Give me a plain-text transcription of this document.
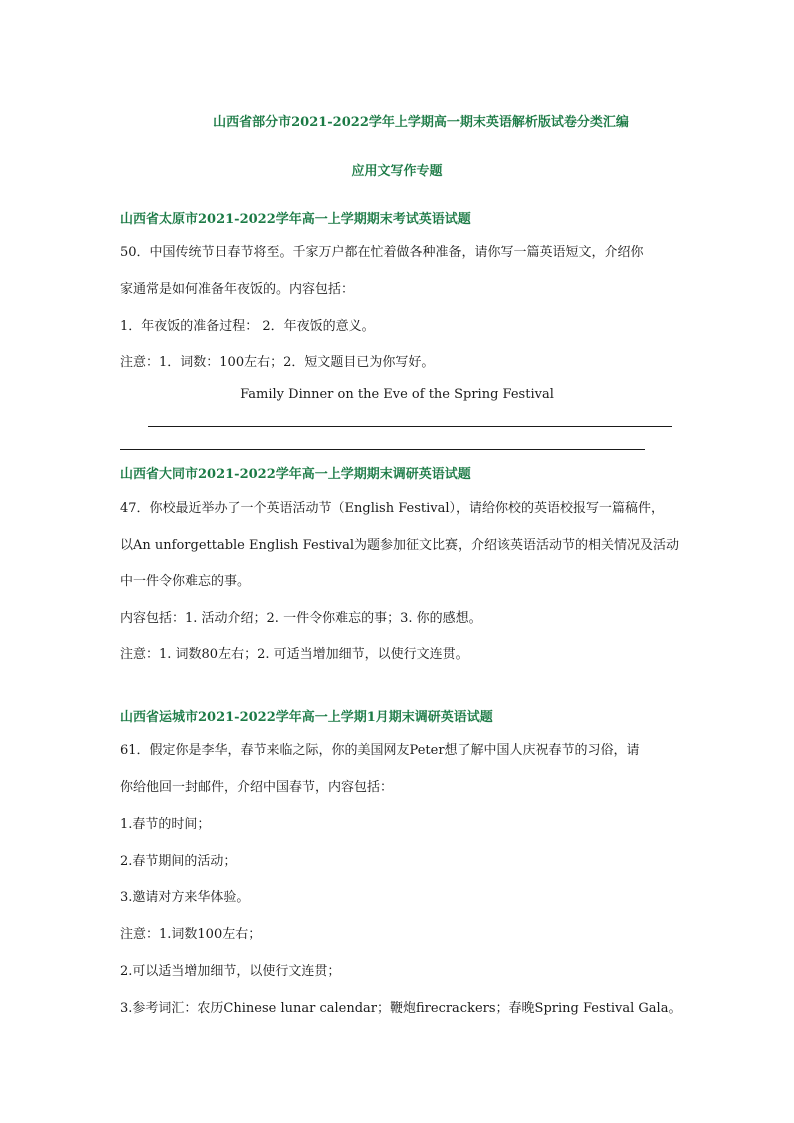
山西省部分市2021-2022学年上学期高一期末英语解析版试卷分类汇编
应用文写作专题
山西省太原市2021-2022学年高一上学期期末考试英语试题
50．中国传统节日春节将至。千家万户都在忙着做各种准备，请你写一篇英语短文，介绍你
家通常是如何准备年夜饭的。内容包括：
1．年夜饭的准备过程： 2．年夜饭的意义。
注意：1．词数：100左右；2．短文题目已为你写好。
Family Dinner on the Eve of the Spring Festival
山西省大同市2021-2022学年高一上学期期末调研英语试题
47．你校最近举办了一个英语活动节（English Festival），请给你校的英语校报写一篇稿件，
以An unforgettable English Festival为题参加征文比赛，介绍该英语活动节的相关情况及活动
中一件令你难忘的事。
内容包括：1. 活动介绍；2. 一件令你难忘的事；3. 你的感想。
注意：1. 词数80左右；2. 可适当增加细节，以使行文连贯。
山西省运城市2021-2022学年高一上学期1月期末调研英语试题
61．假定你是李华，春节来临之际，你的美国网友Peter想了解中国人庆祝春节的习俗，请
你给他回一封邮件，介绍中国春节，内容包括：
1.春节的时间；
2.春节期间的活动；
3.邀请对方来华体验。
注意：1.词数100左右；
2.可以适当增加细节，以使行文连贯；
3.参考词汇：农历Chinese lunar calendar；鞭炮firecrackers；春晚Spring Festival Gala。
